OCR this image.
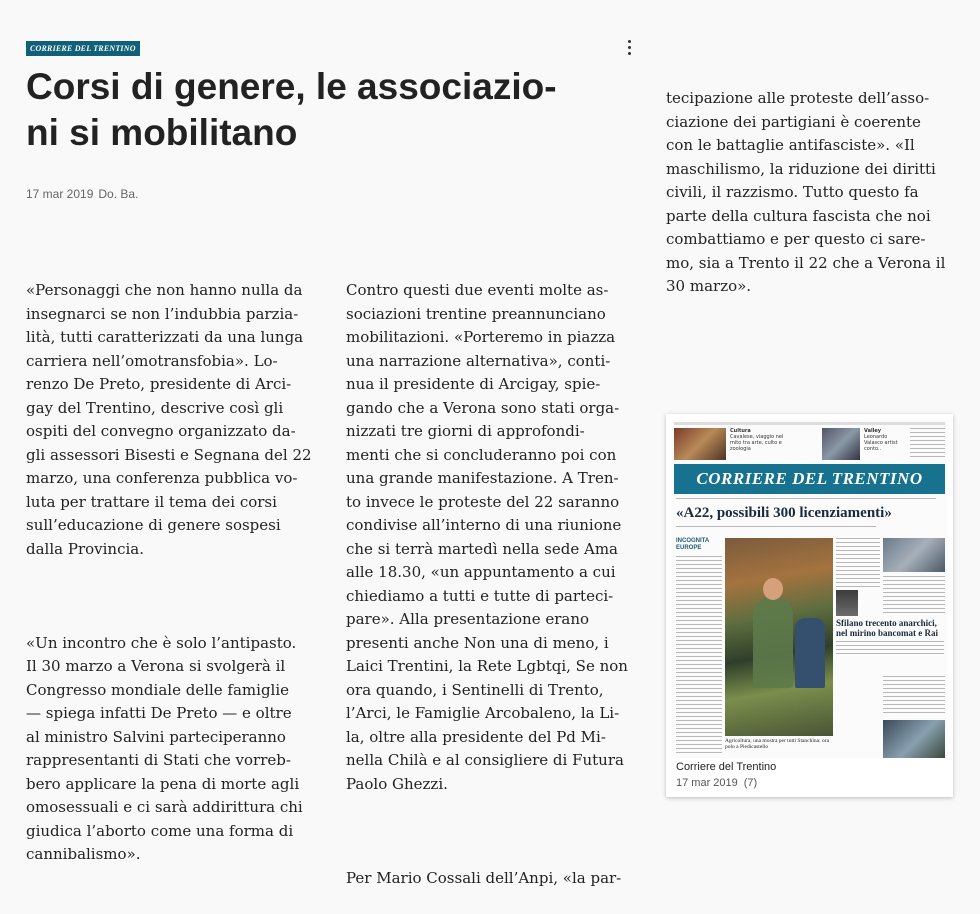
CORRIERE DEL TRENTINO
Corsi di genere, le associazio-
ni si mobilitano
17 mar 2019 Do. Ba.

«Personaggi che non hanno nulla da
insegnarci se non l’indubbia parzia-
lità, tutti caratterizzati da una lunga
carriera nell’omotransfobia». Lo-
renzo De Preto, presidente di Arci-
gay del Trentino, descrive così gli
ospiti del convegno organizzato da-
gli assessori Bisesti e Segnana del 22
marzo, una conferenza pubblica vo-
luta per trattare il tema dei corsi
sull’educazione di genere sospesi
dalla Provincia.

«Un incontro che è solo l’antipasto.
Il 30 marzo a Verona si svolgerà il
Congresso mondiale delle famiglie
— spiega infatti De Preto — e oltre
al ministro Salvini parteciperanno
rappresentanti di Stati che vorreb-
bero applicare la pena di morte agli
omosessuali e ci sarà addirittura chi
giudica l’aborto come una forma di
cannibalismo».

Contro questi due eventi molte as-
sociazioni trentine preannunciano
mobilitazioni. «Porteremo in piazza
una narrazione alternativa», conti-
nua il presidente di Arcigay, spie-
gando che a Verona sono stati orga-
nizzati tre giorni di approfondi-
menti che si concluderanno poi con
una grande manifestazione. A Tren-
to invece le proteste del 22 saranno
condivise all’interno di una riunione
che si terrà martedì nella sede Ama
alle 18.30, «un appuntamento a cui
chiediamo a tutti e tutte di parteci-
pare». Alla presentazione erano
presenti anche Non una di meno, i
Laici Trentini, la Rete Lgbtqi, Se non
ora quando, i Sentinelli di Trento,
l’Arci, le Famiglie Arcobaleno, la Li-
la, oltre alla presidente del Pd Mi-
nella Chilà e al consigliere di Futura
Paolo Ghezzi.

Per Mario Cossali dell’Anpi, «la par-

tecipazione alle proteste dell’asso-
ciazione dei partigiani è coerente
con le battaglie antifasciste». «Il
maschilismo, la riduzione dei diritti
civili, il razzismo. Tutto questo fa
parte della cultura fascista che noi
combattiamo e per questo ci sare-
mo, sia a Trento il 22 che a Verona il
30 marzo».

Cultura
Cavalese, viaggio nel mito tra arte, culto e zoologia
Valley
Leonardo Valasco artist conto..
CORRIERE DEL TRENTINO
«A22, possibili 300 licenziamenti»
INCOGNITA EUROPE
Agricoltura, una mostra per tutti Stanchina: ora polo a Piedicastello
Sfilano trecento anarchici, nel mirino bancomat e Rai
Corriere del Trentino
17 mar 2019 (7)
